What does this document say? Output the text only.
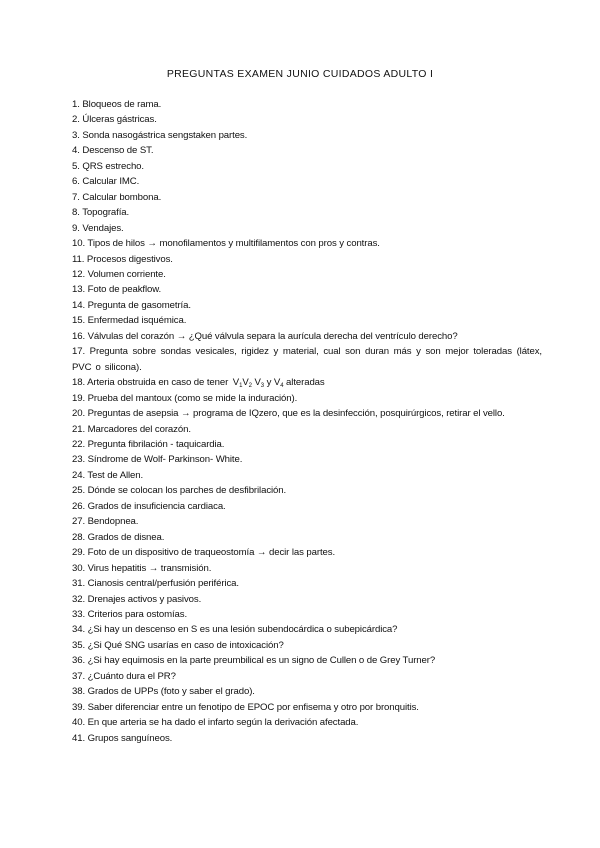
PREGUNTAS EXAMEN JUNIO CUIDADOS ADULTO I
1. Bloqueos de rama.
2. Úlceras gástricas.
3. Sonda nasogástrica sengstaken partes.
4. Descenso de ST.
5. QRS estrecho.
6. Calcular IMC.
7. Calcular bombona.
8. Topografía.
9. Vendajes.
10. Tipos de hilos → monofilamentos y multifilamentos con pros y contras.
11. Procesos digestivos.
12. Volumen corriente.
13. Foto de peakflow.
14. Pregunta de gasometría.
15. Enfermedad isquémica.
16. Válvulas del corazón → ¿Qué válvula separa la aurícula derecha del ventrículo derecho?
17. Pregunta sobre sondas vesicales, rigidez y material, cual son duran más y son mejor toleradas (látex, PVC o silicona).
18. Arteria obstruida en caso de tener $V_1V_2$ $V_3$ y $V_4$ alteradas
19. Prueba del mantoux (como se mide la induración).
20. Preguntas de asepsia → programa de IQzero, que es la desinfección, posquirúrgicos, retirar el vello.
21. Marcadores del corazón.
22. Pregunta fibrilación - taquicardia.
23. Síndrome de Wolf- Parkinson- White.
24. Test de Allen.
25. Dónde se colocan los parches de desfibrilación.
26. Grados de insuficiencia cardiaca.
27. Bendopnea.
28. Grados de disnea.
29. Foto de un dispositivo de traqueostomía → decir las partes.
30. Virus hepatitis → transmisión.
31. Cianosis central/perfusión periférica.
32. Drenajes activos y pasivos.
33. Criterios para ostomías.
34. ¿Si hay un descenso en S es una lesión subendocárdica o subepicárdica?
35. ¿Si Qué SNG usarías en caso de intoxicación?
36. ¿Si hay equimosis en la parte preumbilical es un signo de Cullen o de Grey Turner?
37. ¿Cuánto dura el PR?
38. Grados de UPPs (foto y saber el grado).
39. Saber diferenciar entre un fenotipo de EPOC por enfisema y otro por bronquitis.
40. En que arteria se ha dado el infarto según la derivación afectada.
41. Grupos sanguíneos.
